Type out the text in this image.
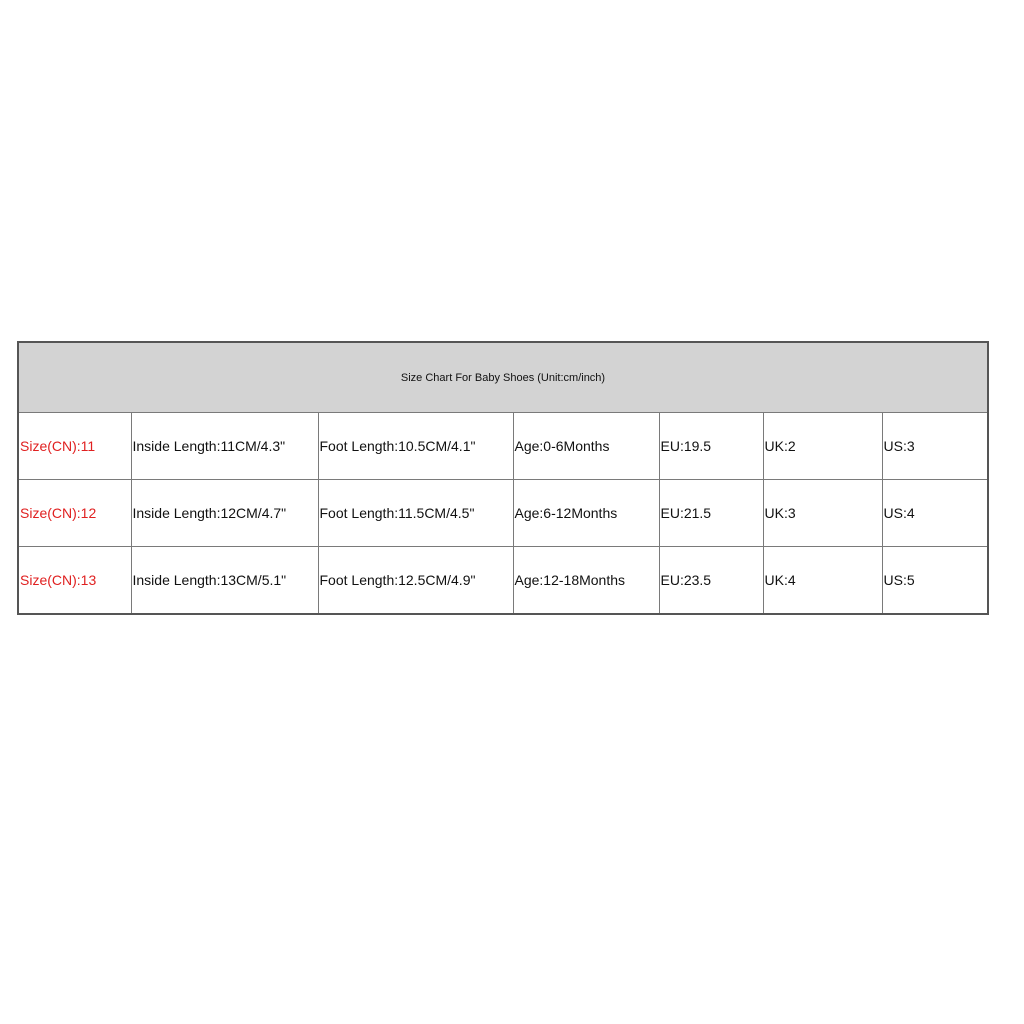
Size Chart For Baby Shoes (Unit:cm/inch)						
Size(CN):11	Inside Length:11CM/4.3"	Foot Length:10.5CM/4.1"	Age:0-6Months	EU:19.5	UK:2	US:3
Size(CN):12	Inside Length:12CM/4.7"	Foot Length:11.5CM/4.5"	Age:6-12Months	EU:21.5	UK:3	US:4
Size(CN):13	Inside Length:13CM/5.1"	Foot Length:12.5CM/4.9"	Age:12-18Months	EU:23.5	UK:4	US:5
